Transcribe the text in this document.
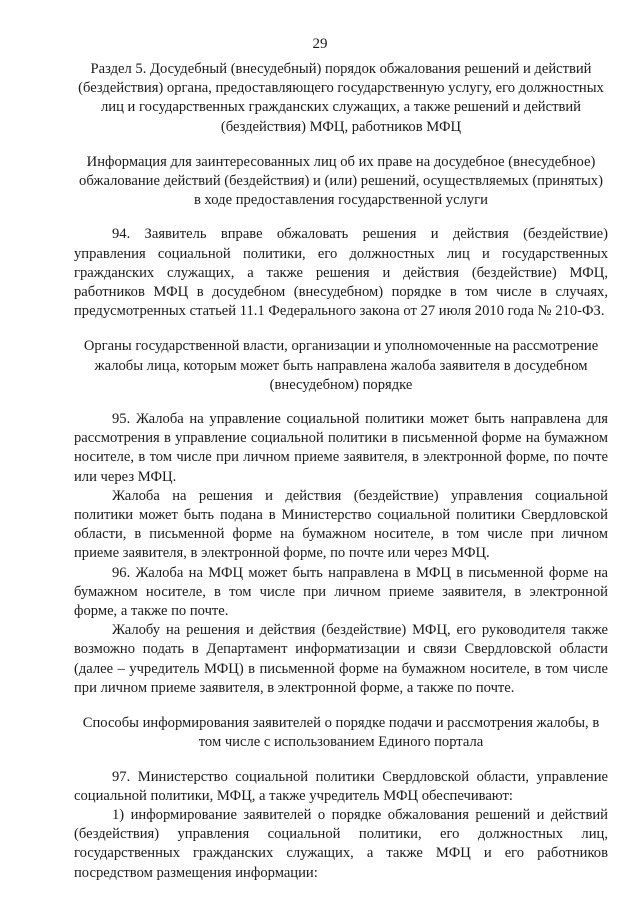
29

Раздел 5. Досудебный (внесудебный) порядок обжалования решений и действий (бездействия) органа, предоставляющего государственную услугу, его должностных лиц и государственных гражданских служащих, а также решений и действий (бездействия) МФЦ, работников МФЦ

Информация для заинтересованных лиц об их праве на досудебное (внесудебное) обжалование действий (бездействия) и (или) решений, осуществляемых (принятых) в ходе предоставления государственной услуги

94. Заявитель вправе обжаловать решения и действия (бездействие) управления социальной политики, его должностных лиц и государственных гражданских служащих, а также решения и действия (бездействие) МФЦ, работников МФЦ в досудебном (внесудебном) порядке в том числе в случаях, предусмотренных статьей 11.1 Федерального закона от 27 июля 2010 года № 210-ФЗ.

Органы государственной власти, организации и уполномоченные на рассмотрение жалобы лица, которым может быть направлена жалоба заявителя в досудебном (внесудебном) порядке

95. Жалоба на управление социальной политики может быть направлена для рассмотрения в управление социальной политики в письменной форме на бумажном носителе, в том числе при личном приеме заявителя, в электронной форме, по почте или через МФЦ.

Жалоба на решения и действия (бездействие) управления социальной политики может быть подана в Министерство социальной политики Свердловской области, в письменной форме на бумажном носителе, в том числе при личном приеме заявителя, в электронной форме, по почте или через МФЦ.

96. Жалоба на МФЦ может быть направлена в МФЦ в письменной форме на бумажном носителе, в том числе при личном приеме заявителя, в электронной форме, а также по почте.

Жалобу на решения и действия (бездействие) МФЦ, его руководителя также возможно подать в Департамент информатизации и связи Свердловской области (далее – учредитель МФЦ) в письменной форме на бумажном носителе, в том числе при личном приеме заявителя, в электронной форме, а также по почте.

Способы информирования заявителей о порядке подачи и рассмотрения жалобы, в том числе с использованием Единого портала

97. Министерство социальной политики Свердловской области, управление социальной политики, МФЦ, а также учредитель МФЦ обеспечивают:

1) информирование заявителей о порядке обжалования решений и действий (бездействия) управления социальной политики, его должностных лиц, государственных гражданских служащих, а также МФЦ и его работников посредством размещения информации:
